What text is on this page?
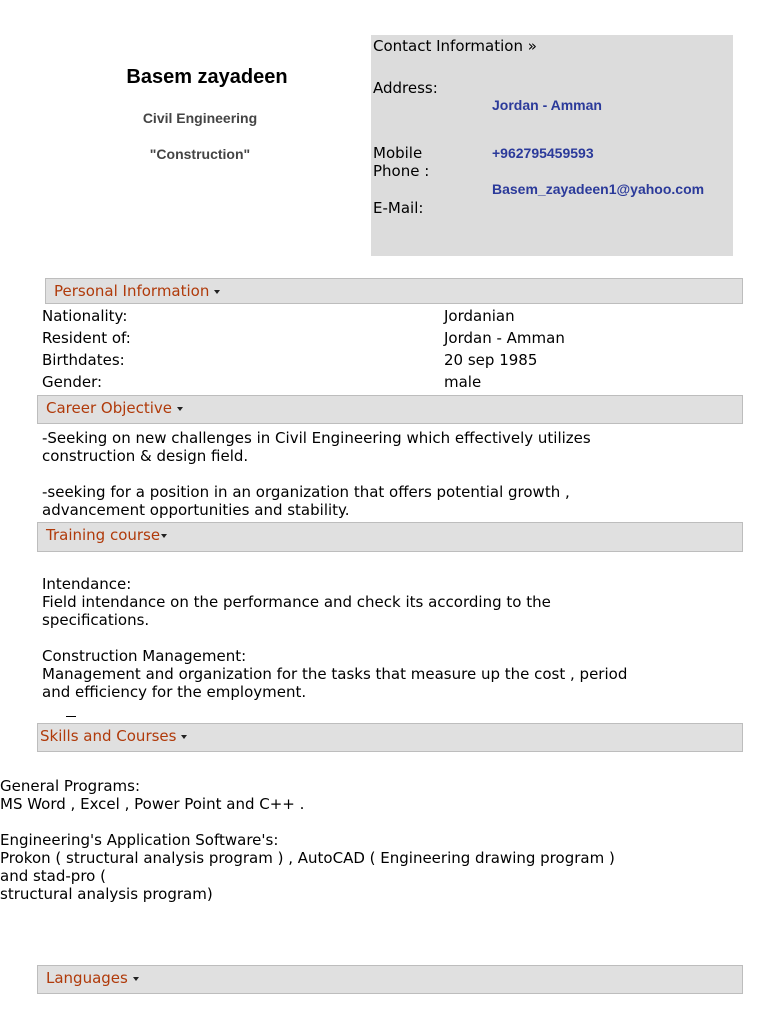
Basem zayadeen
Civil Engineering
"Construction"
Contact Information »
Address:
Jordan - Amman
Mobile
Phone :
+962795459593
Basem_zayadeen1@yahoo.com
E-Mail:
Personal Information
Nationality:
Resident of:
Birthdates:
Gender:
Jordanian
Jordan - Amman
20 sep 1985
male
Career Objective
-Seeking on new challenges in Civil Engineering which effectively utilizes
construction & design field.
-seeking for a position in an organization that offers potential growth ,
advancement opportunities and stability.
Training course
Intendance:
Field intendance on the performance and check its according to the
specifications.
Construction Management:
Management and organization for the tasks that measure up the cost , period
and efficiency for the employment.
Skills and Courses
General Programs:
MS Word , Excel , Power Point and C++ .
Engineering's Application Software's:
Prokon ( structural analysis program ) , AutoCAD ( Engineering drawing program )
and stad-pro (
structural analysis program)
Languages
